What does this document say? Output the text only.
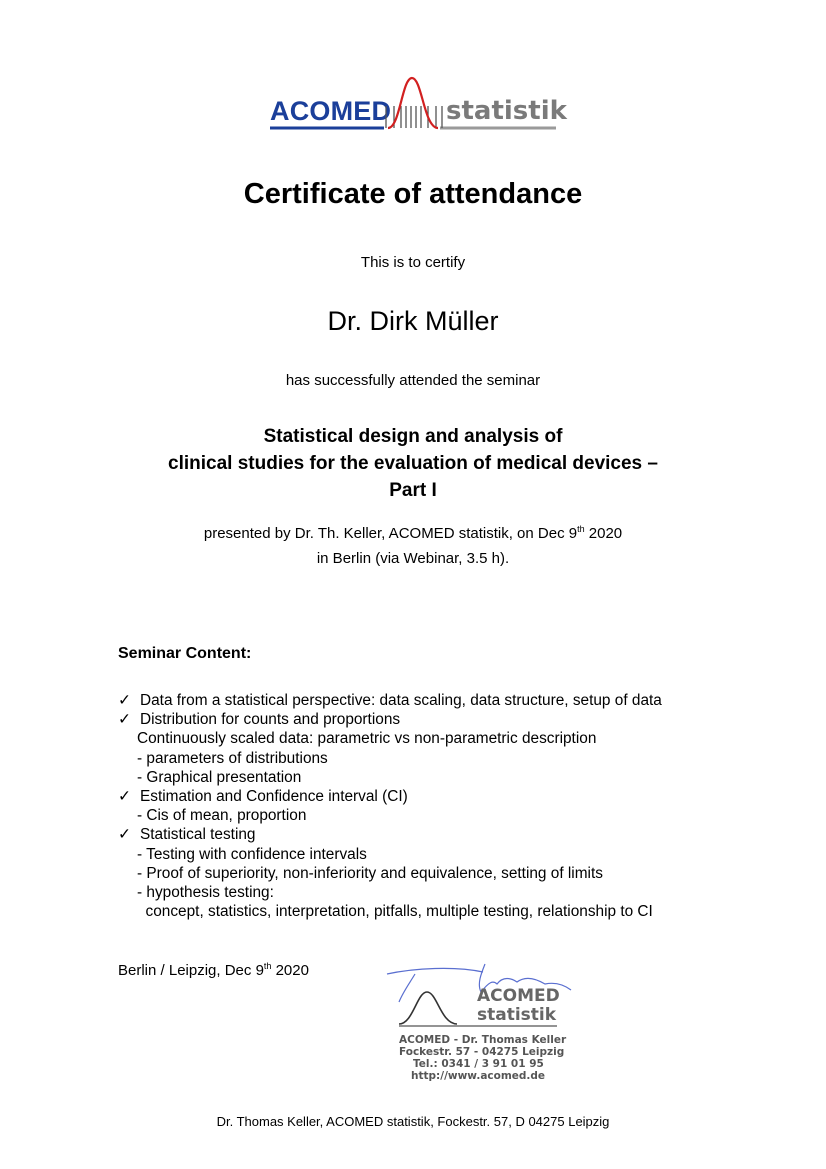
ACOMED statistik
Certificate of attendance
This is to certify
Dr. Dirk Müller
has successfully attended the seminar
Statistical design and analysis of
clinical studies for the evaluation of medical devices –
Part I
presented by Dr. Th. Keller, ACOMED statistik, on Dec 9th 2020
in Berlin (via Webinar, 3.5 h).
Seminar Content:
✓ Data from a statistical perspective: data scaling, data structure, setup of data
✓ Distribution for counts and proportions
Continuously scaled data: parametric vs non-parametric description
- parameters of distributions
- Graphical presentation
✓ Estimation and Confidence interval (CI)
- Cis of mean, proportion
✓ Statistical testing
- Testing with confidence intervals
- Proof of superiority, non-inferiority and equivalence, setting of limits
- hypothesis testing:
concept, statistics, interpretation, pitfalls, multiple testing, relationship to CI
Berlin / Leipzig, Dec 9th 2020
ACOMED
statistik
ACOMED - Dr. Thomas Keller
Fockestr. 57 - 04275 Leipzig
Tel.: 0341 / 3 91 01 95
http://www.acomed.de
Dr. Thomas Keller, ACOMED statistik, Fockestr. 57, D 04275 Leipzig
